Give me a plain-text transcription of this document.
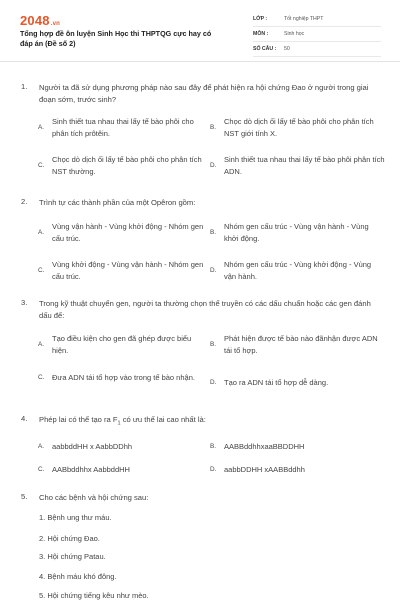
2048.vn
Tổng hợp đề ôn luyện Sinh Học thi THPTQG cực hay có đáp án (Đề số 2)
LỚP :	Tốt nghiệp THPT
MÔN :	Sinh học
SỐ CÂU : 50
1. Người ta đã sử dụng phương pháp nào sau đây để phát hiện ra hội chứng Đao ở người trong giai đoạn sớm, trước sinh?
A.
Sinh thiết tua nhau thai lấy tế bào phôi cho phân tích prôtêin.
B.
Chọc dò dịch ối lấy tế bào phôi cho phân tích NST giới tính X.
C.
Chọc dò dịch ối lấy tế bào phôi cho phân tích NST thường.
D.
Sinh thiết tua nhau thai lấy tế bào phôi phân tích ADN.
2. Trình tự các thành phần của một Opêron gồm:
A.
Vùng vận hành - Vùng khởi động - Nhóm gen cấu trúc.
B.
Nhóm gen cấu trúc - Vùng vận hành - Vùng khởi động.
C.
Vùng khởi động - Vùng vận hành - Nhóm gen cấu trúc.
D.
Nhóm gen cấu trúc - Vùng khởi động - Vùng vận hành.
3. Trong kỹ thuật chuyển gen, người ta thường chọn thể truyền có các dấu chuẩn hoặc các gen đánh dấu để:
A.
Tạo điều kiện cho gen đã ghép được biểu hiện.
B.
Phát hiện được tế bào nào đãnhận được ADN tái tổ hợp.
C.	Đưa ADN tái tổ hợp vào trong tế bào nhận.
D.	Tạo ra ADN tái tổ hợp dễ dàng.
4. Phép lai có thể tạo ra $F_1$ có ưu thế lai cao nhất là:
A.	aabbddHH x AabbDDhh	B.	AABBddhhxaaBBDDHH
C.	AABbddhhx AabbddHH	D.	aabbDDHH xAABBddhh
5. Cho các bệnh và hội chứng sau:
1. Bệnh ung thư máu.
2. Hội chứng Đao.
3. Hội chứng Patau.
4. Bệnh máu khó đông.
5. Hội chứng tiếng kêu như mèo.
